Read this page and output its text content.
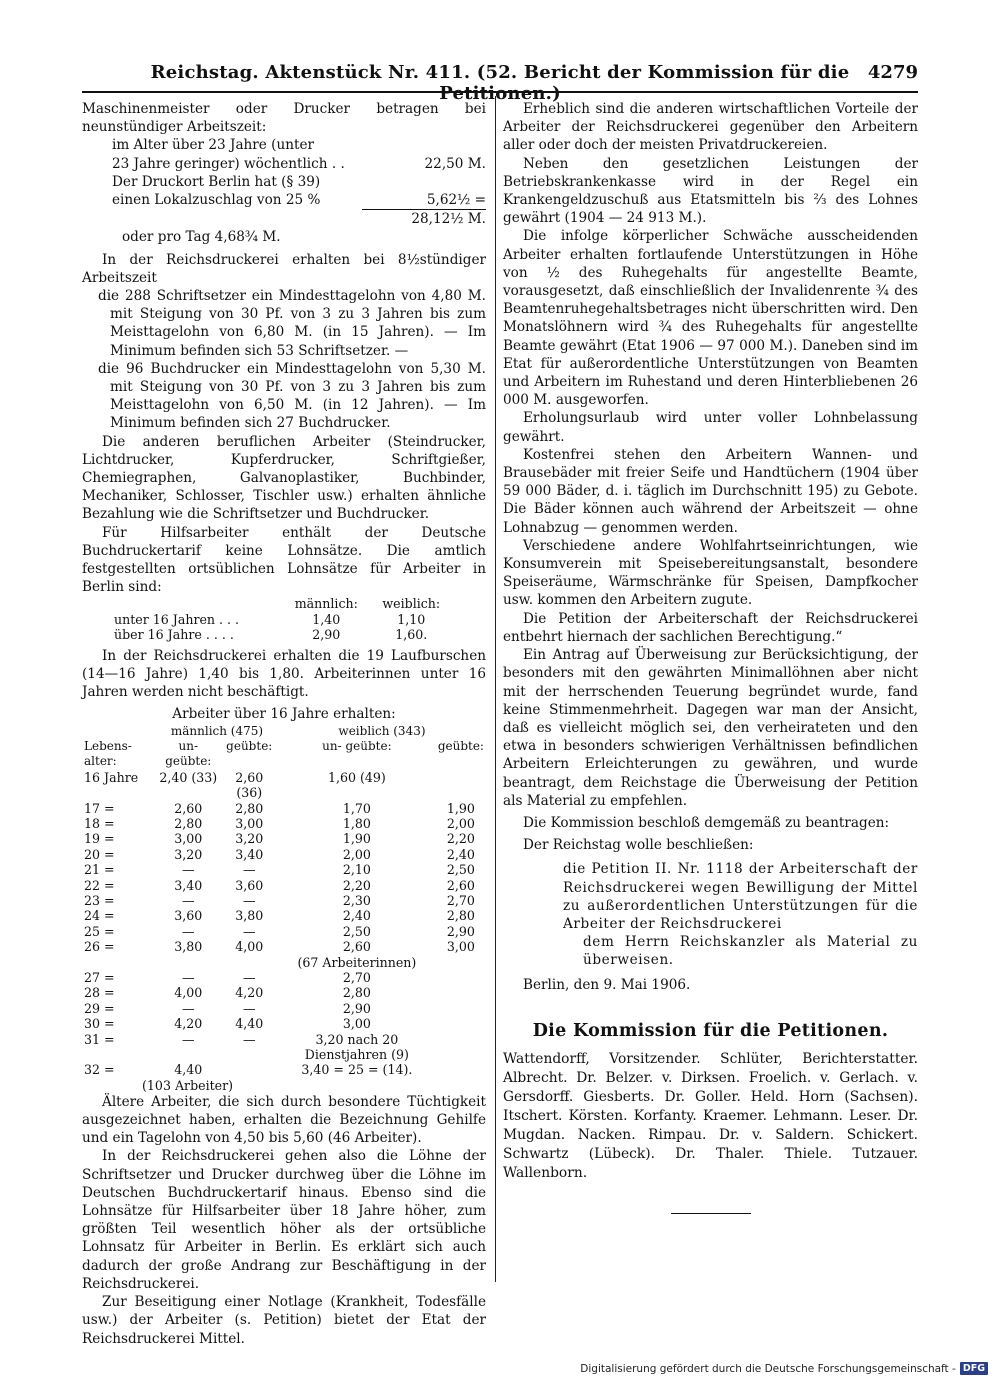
Reichstag. Aktenstück Nr. 411. (52. Bericht der Kommission für die Petitionen.)
4279

Maschinenmeister oder Drucker betragen bei neunstündiger Arbeitszeit:

im Alter über 23 Jahre (unter
23 Jahre geringer) wöchentlich . .	22,50 M.
Der Druckort Berlin hat (§ 39)
einen Lokalzuschlag von 25 %	5,62½ =
28,12½ M.

oder pro Tag 4,68¾ M.

In der Reichsdruckerei erhalten bei 8½stündiger Arbeitszeit

die 288 Schriftsetzer ein Mindesttagelohn von 4,80 M. mit Steigung von 30 Pf. von 3 zu 3 Jahren bis zum Meisttagelohn von 6,80 M. (in 15 Jahren). — Im Minimum befinden sich 53 Schriftsetzer. —

die 96 Buchdrucker ein Mindesttagelohn von 5,30 M. mit Steigung von 30 Pf. von 3 zu 3 Jahren bis zum Meisttagelohn von 6,50 M. (in 12 Jahren). — Im Minimum befinden sich 27 Buchdrucker.

Die anderen beruflichen Arbeiter (Steindrucker, Lichtdrucker, Kupferdrucker, Schriftgießer, Chemiegraphen, Galvanoplastiker, Buchbinder, Mechaniker, Schlosser, Tischler usw.) erhalten ähnliche Bezahlung wie die Schriftsetzer und Buchdrucker.

Für Hilfsarbeiter enthält der Deutsche Buchdruckertarif keine Lohnsätze. Die amtlich festgestellten ortsüblichen Lohnsätze für Arbeiter in Berlin sind:

	männlich:	weiblich:
unter 16 Jahren . . .	1,40	1,10
über 16 Jahre . . . .	2,90	1,60.

In der Reichsdruckerei erhalten die 19 Laufburschen (14—16 Jahre) 1,40 bis 1,80. Arbeiterinnen unter 16 Jahren werden nicht beschäftigt.

Arbeiter über 16 Jahre erhalten:

	männlich (475)		weiblich (343)	
Lebens- alter:	un- geübte:	geübte:	un- geübte:	geübte:
16 Jahre	2,40 (33)	2,60 (36)	1,60 (49)	
17 =	2,60	2,80	1,70	1,90
18 =	2,80	3,00	1,80	2,00
19 =	3,00	3,20	1,90	2,20
20 =	3,20	3,40	2,00	2,40
21 =	—	—	2,10	2,50
22 =	3,40	3,60	2,20	2,60
23 =	—	—	2,30	2,70
24 =	3,60	3,80	2,40	2,80
25 =	—	—	2,50	2,90
26 =	3,80	4,00	2,60	3,00
			(67 Arbeiterinnen)	
27 =	—	—	2,70	
28 =	4,00	4,20	2,80	
29 =	—	—	2,90	
30 =	4,20	4,40	3,00	
31 =	—	—	3,20 nach 20 Dienstjahren (9)	
32 =	4,40		3,40 = 25 = (14).	

(103 Arbeiter)

Ältere Arbeiter, die sich durch besondere Tüchtigkeit ausgezeichnet haben, erhalten die Bezeichnung Gehilfe und ein Tagelohn von 4,50 bis 5,60 (46 Arbeiter).

In der Reichsdruckerei gehen also die Löhne der Schriftsetzer und Drucker durchweg über die Löhne im Deutschen Buchdruckertarif hinaus. Ebenso sind die Lohnsätze für Hilfsarbeiter über 18 Jahre höher, zum größten Teil wesentlich höher als der ortsübliche Lohnsatz für Arbeiter in Berlin. Es erklärt sich auch dadurch der große Andrang zur Beschäftigung in der Reichsdruckerei.

Zur Beseitigung einer Notlage (Krankheit, Todesfälle usw.) der Arbeiter (s. Petition) bietet der Etat der Reichsdruckerei Mittel.

Erheblich sind die anderen wirtschaftlichen Vorteile der Arbeiter der Reichsdruckerei gegenüber den Arbeitern aller oder doch der meisten Privatdruckereien.

Neben den gesetzlichen Leistungen der Betriebskrankenkasse wird in der Regel ein Krankengeldzuschuß aus Etatsmitteln bis ⅔ des Lohnes gewährt (1904 — 24 913 M.).

Die infolge körperlicher Schwäche ausscheidenden Arbeiter erhalten fortlaufende Unterstützungen in Höhe von ½ des Ruhegehalts für angestellte Beamte, vorausgesetzt, daß einschließlich der Invalidenrente ¾ des Beamtenruhegehaltsbetrages nicht überschritten wird. Den Monatslöhnern wird ¾ des Ruhegehalts für angestellte Beamte gewährt (Etat 1906 — 97 000 M.). Daneben sind im Etat für außerordentliche Unterstützungen von Beamten und Arbeitern im Ruhestand und deren Hinterbliebenen 26 000 M. ausgeworfen.

Erholungsurlaub wird unter voller Lohnbelassung gewährt.

Kostenfrei stehen den Arbeitern Wannen- und Brausebäder mit freier Seife und Handtüchern (1904 über 59 000 Bäder, d. i. täglich im Durchschnitt 195) zu Gebote. Die Bäder können auch während der Arbeitszeit — ohne Lohnabzug — genommen werden.

Verschiedene andere Wohlfahrtseinrichtungen, wie Konsumverein mit Speisebereitungsanstalt, besondere Speiseräume, Wärmschränke für Speisen, Dampfkocher usw. kommen den Arbeitern zugute.

Die Petition der Arbeiterschaft der Reichsdruckerei entbehrt hiernach der sachlichen Berechtigung.“

Ein Antrag auf Überweisung zur Berücksichtigung, der besonders mit den gewährten Minimallöhnen aber nicht mit der herrschenden Teuerung begründet wurde, fand keine Stimmenmehrheit. Dagegen war man der Ansicht, daß es vielleicht möglich sei, den verheirateten und den etwa in besonders schwierigen Verhältnissen befindlichen Arbeitern Erleichterungen zu gewähren, und wurde beantragt, dem Reichstage die Überweisung der Petition als Material zu empfehlen.

Die Kommission beschloß demgemäß zu beantragen:

Der Reichstag wolle beschließen:

die Petition II. Nr. 1118 der Arbeiterschaft der Reichsdruckerei wegen Bewilligung der Mittel zu außerordentlichen Unterstützungen für die Arbeiter der Reichsdruckerei

dem Herrn Reichskanzler als Material zu überweisen.

Berlin, den 9. Mai 1906.

Die Kommission für die Petitionen.

Wattendorff, Vorsitzender. Schlüter, Berichterstatter. Albrecht. Dr. Belzer. v. Dirksen. Froelich. v. Gerlach. v. Gersdorff. Giesberts. Dr. Goller. Held. Horn (Sachsen). Itschert. Körsten. Korfanty. Kraemer. Lehmann. Leser. Dr. Mugdan. Nacken. Rimpau. Dr. v. Saldern. Schickert. Schwartz (Lübeck). Dr. Thaler. Thiele. Tutzauer. Wallenborn.

Digitalisierung gefördert durch die Deutsche Forschungsgemeinschaft - DFG
